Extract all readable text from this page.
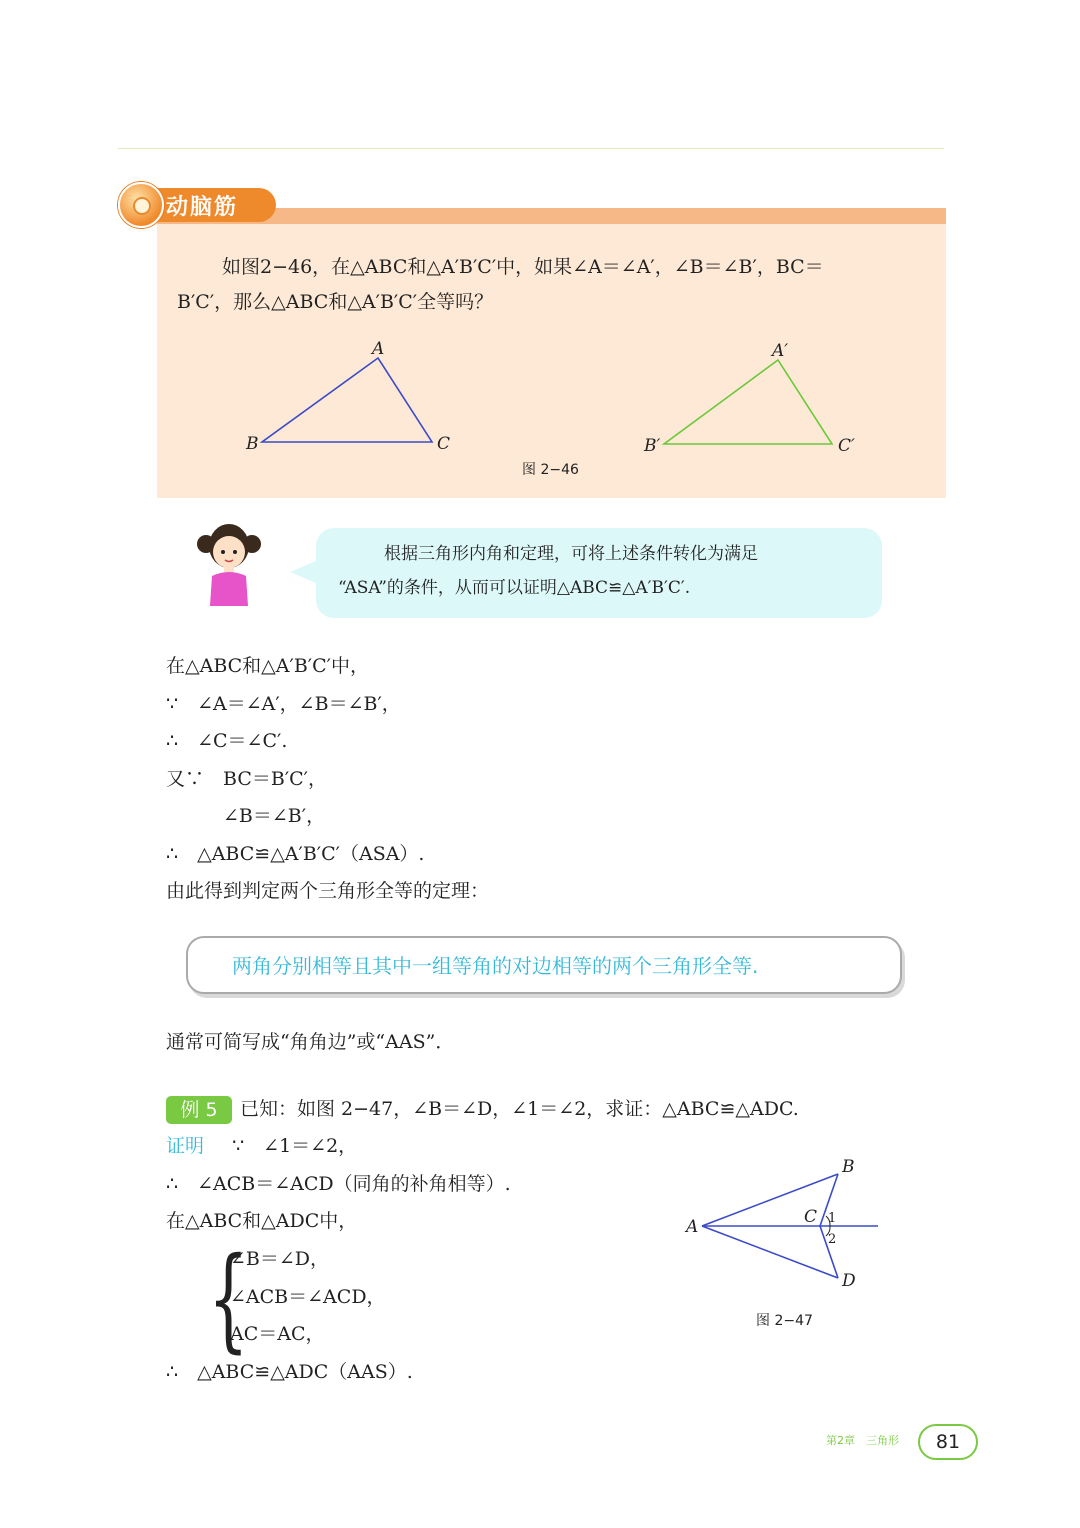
动脑筋
如图2−46，在△ABC和△A′B′C′中，如果∠A＝∠A′，∠B＝∠B′，BC＝
B′C′，那么△ABC和△A′B′C′全等吗？
A
B	C
A′
B′	C′
图 2−46
根据三角形内角和定理，可将上述条件转化为满足
“ASA”的条件，从而可以证明△ABC≌△A′B′C′.
在△ABC和△A′B′C′中，
∵　∠A＝∠A′，∠B＝∠B′，
∴　∠C＝∠C′.
又∵　BC＝B′C′，
　　　∠B＝∠B′，
∴　△ABC≌△A′B′C′（ASA）.
由此得到判定两个三角形全等的定理：
两角分别相等且其中一组等角的对边相等的两个三角形全等.
通常可简写成“角角边”或“AAS”．
例 5	已知：如图 2−47，∠B＝∠D，∠1＝∠2，求证：△ABC≌△ADC.
证明 ∵　∠1＝∠2，
∴　∠ACB＝∠ACD（同角的补角相等）.
在△ABC和△ADC中，
{
∠B＝∠D，
∠ACB＝∠ACD，
AC＝AC，
∴　△ABC≌△ADC（AAS）.
A
B
C
D
1
2
图 2−47
第2章　三角形	81
